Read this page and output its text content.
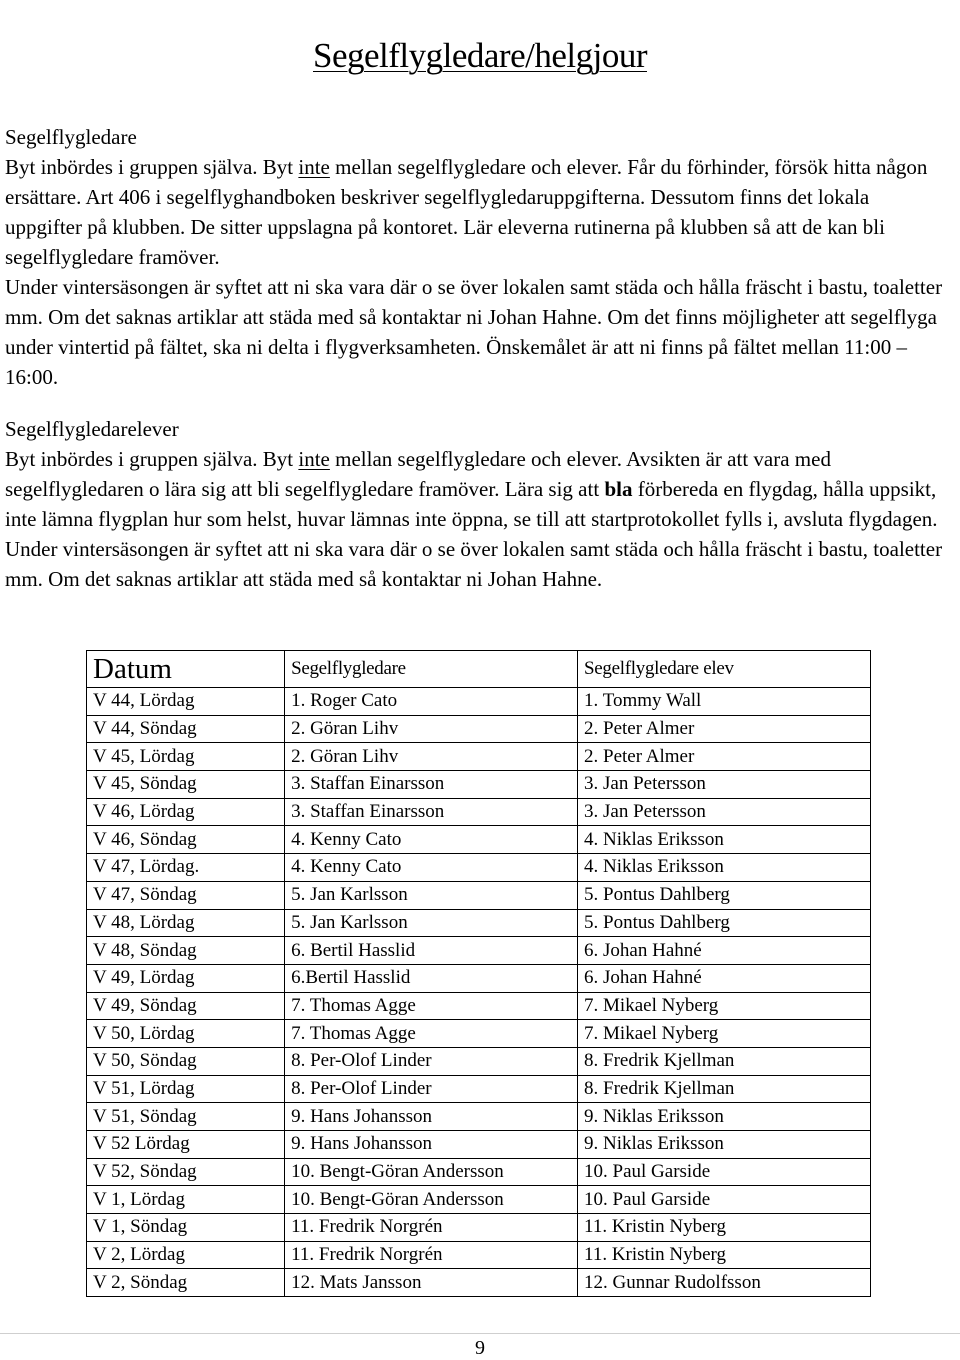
Segelflygledare/helgjour

Segelflygledare

Byt inbördes i gruppen själva. Byt inte mellan segelflygledare och elever. Får du förhinder, försök hitta någon ersättare. Art 406 i segelflyghandboken beskriver segelflygledaruppgifterna. Dessutom finns det lokala uppgifter på klubben. De sitter uppslagna på kontoret. Lär eleverna rutinerna på klubben så att de kan bli segelflygledare framöver.

Under vintersäsongen är syftet att ni ska vara där o se över lokalen samt städa och hålla fräscht i bastu, toaletter mm. Om det saknas artiklar att städa med så kontaktar ni Johan Hahne. Om det finns möjligheter att segelflyga under vintertid på fältet, ska ni delta i flygverksamheten. Önskemålet är att ni finns på fältet mellan 11:00 – 16:00.

Segelflygledarelever

Byt inbördes i gruppen själva. Byt inte mellan segelflygledare och elever. Avsikten är att vara med segelflygledaren o lära sig att bli segelflygledare framöver. Lära sig att bla förbereda en flygdag, hålla uppsikt, inte lämna flygplan hur som helst, huvar lämnas inte öppna, se till att startprotokollet fylls i, avsluta flygdagen.

Under vintersäsongen är syftet att ni ska vara där o se över lokalen samt städa och hålla fräscht i bastu, toaletter mm. Om det saknas artiklar att städa med så kontaktar ni Johan Hahne.

Datum	Segelflygledare	Segelflygledare elev
V 44, Lördag	1. Roger Cato	1. Tommy Wall
V 44, Söndag	2. Göran Lihv	2. Peter Almer
V 45, Lördag	2. Göran Lihv	2. Peter Almer
V 45, Söndag	3. Staffan Einarsson	3. Jan Petersson
V 46, Lördag	3. Staffan Einarsson	3. Jan Petersson
V 46, Söndag	4. Kenny Cato	4. Niklas Eriksson
V 47, Lördag.	4. Kenny Cato	4. Niklas Eriksson
V 47, Söndag	5. Jan Karlsson	5. Pontus Dahlberg
V 48, Lördag	5. Jan Karlsson	5. Pontus Dahlberg
V 48, Söndag	6. Bertil Hasslid	6. Johan Hahné
V 49, Lördag	6.Bertil Hasslid	6. Johan Hahné
V 49, Söndag	7. Thomas Agge	7. Mikael Nyberg
V 50, Lördag	7. Thomas Agge	7. Mikael Nyberg
V 50, Söndag	8. Per-Olof Linder	8. Fredrik Kjellman
V 51, Lördag	8. Per-Olof Linder	8. Fredrik Kjellman
V 51, Söndag	9. Hans Johansson	9. Niklas Eriksson
V 52 Lördag	9. Hans Johansson	9. Niklas Eriksson
V 52, Söndag	10. Bengt-Göran Andersson	10. Paul Garside
V 1, Lördag	10. Bengt-Göran Andersson	10. Paul Garside
V 1, Söndag	11. Fredrik Norgrén	11. Kristin Nyberg
V 2, Lördag	11. Fredrik Norgrén	11. Kristin Nyberg
V 2, Söndag	12. Mats Jansson	12. Gunnar Rudolfsson
9
